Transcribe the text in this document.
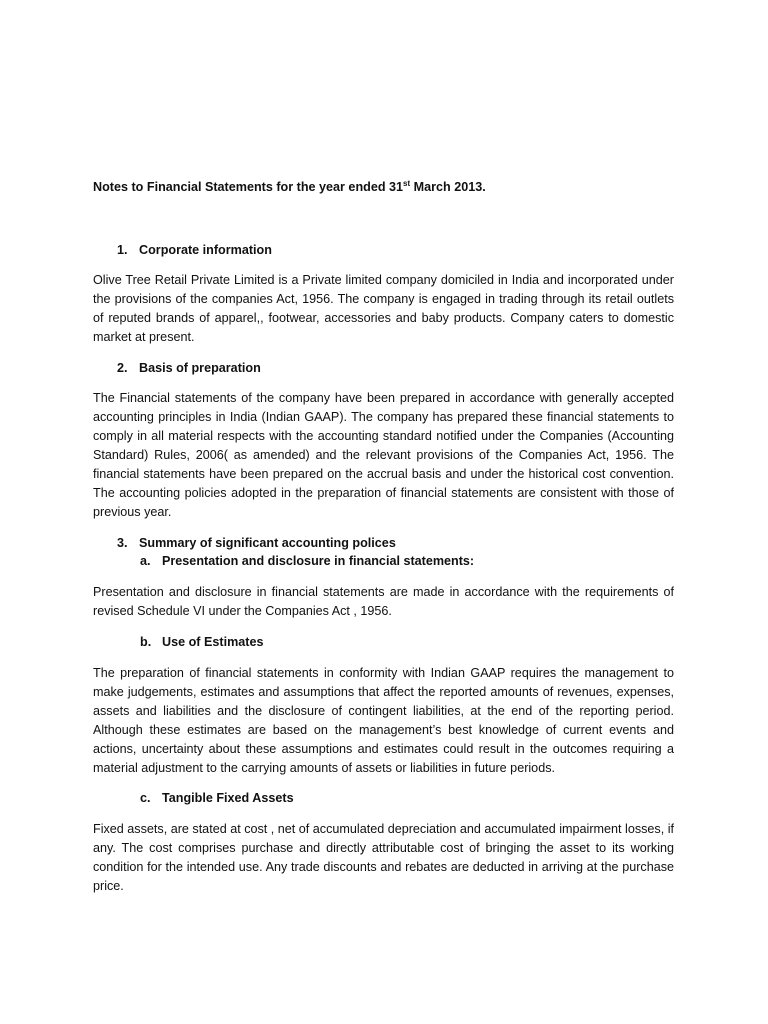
Notes to Financial Statements for the year ended 31st March 2013.

1. Corporate information

Olive Tree Retail Private Limited is a Private limited company domiciled in India and incorporated under the provisions of the companies Act, 1956. The company is engaged in trading through its retail outlets of reputed brands of apparel,, footwear, accessories and baby products. Company caters to domestic market at present.

2. Basis of preparation

The Financial statements of the company have been prepared in accordance with generally accepted accounting principles in India (Indian GAAP). The company has prepared these financial statements to comply in all material respects with the accounting standard notified under the Companies (Accounting Standard) Rules, 2006( as amended) and the relevant provisions of the Companies Act, 1956. The financial statements have been prepared on the accrual basis and under the historical cost convention. The accounting policies adopted in the preparation of financial statements are consistent with those of previous year.

3. Summary of significant accounting polices

a. Presentation and disclosure in financial statements:

Presentation and disclosure in financial statements are made in accordance with the requirements of revised Schedule VI under the Companies Act , 1956.

b. Use of Estimates

The preparation of financial statements in conformity with Indian GAAP requires the management to make judgements, estimates and assumptions that affect the reported amounts of revenues, expenses, assets and liabilities and the disclosure of contingent liabilities, at the end of the reporting period. Although these estimates are based on the management’s best knowledge of current events and actions, uncertainty about these assumptions and estimates could result in the outcomes requiring a material adjustment to the carrying amounts of assets or liabilities in future periods.

c. Tangible Fixed Assets

Fixed assets, are stated at cost , net of accumulated depreciation and accumulated impairment losses, if any. The cost comprises purchase and directly attributable cost of bringing the asset to its working condition for the intended use. Any trade discounts and rebates are deducted in arriving at the purchase price.
